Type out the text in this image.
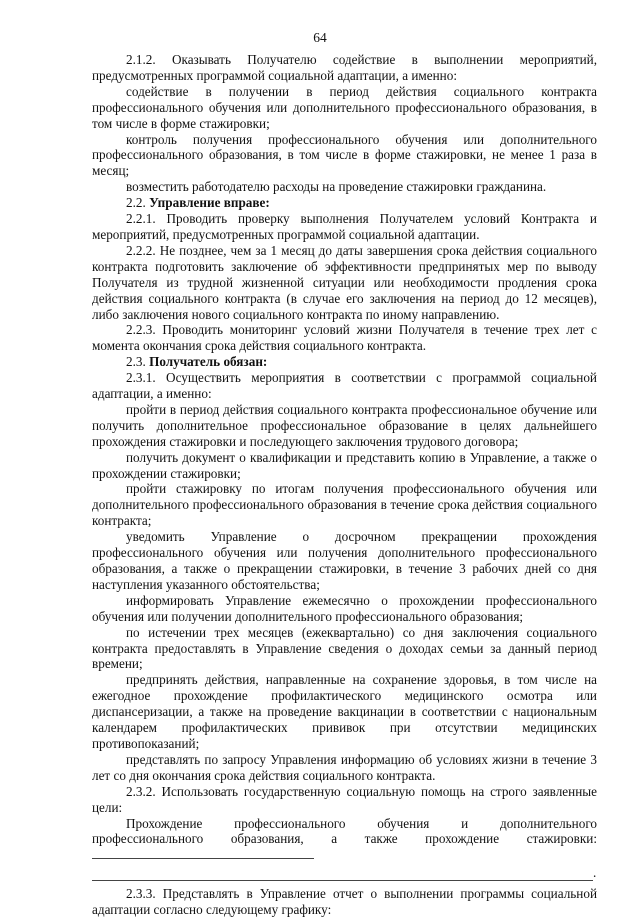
64

2.1.2. Оказывать Получателю содействие в выполнении мероприятий, предусмотренных программой социальной адаптации, а именно:

содействие в получении в период действия социального контракта профессионального обучения или дополнительного профессионального образования, в том числе в форме стажировки;

контроль получения профессионального обучения или дополнительного профессионального образования, в том числе в форме стажировки, не менее 1 раза в месяц;

возместить работодателю расходы на проведение стажировки гражданина.

2.2. Управление вправе:

2.2.1. Проводить проверку выполнения Получателем условий Контракта и мероприятий, предусмотренных программой социальной адаптации.

2.2.2. Не позднее, чем за 1 месяц до даты завершения срока действия социального контракта подготовить заключение об эффективности предпринятых мер по выводу Получателя из трудной жизненной ситуации или необходимости продления срока действия социального контракта (в случае его заключения на период до 12 месяцев), либо заключения нового социального контракта по иному направлению.

2.2.3. Проводить мониторинг условий жизни Получателя в течение трех лет с момента окончания срока действия социального контракта.

2.3. Получатель обязан:

2.3.1. Осуществить мероприятия в соответствии с программой социальной адаптации, а именно:

пройти в период действия социального контракта профессиональное обучение или получить дополнительное профессиональное образование в целях дальнейшего прохождения стажировки и последующего заключения трудового договора;

получить документ о квалификации и представить копию в Управление, а также о прохождении стажировки;

пройти стажировку по итогам получения профессионального обучения или дополнительного профессионального образования в течение срока действия социального контракта;

уведомить Управление о досрочном прекращении прохождения профессионального обучения или получения дополнительного профессионального образования, а также о прекращении стажировки, в течение 3 рабочих дней со дня наступления указанного обстоятельства;

информировать Управление ежемесячно о прохождении профессионального обучения или получении дополнительного профессионального образования;

по истечении трех месяцев (ежеквартально) со дня заключения социального контракта предоставлять в Управление сведения о доходах семьи за данный период времени;

предпринять действия, направленные на сохранение здоровья, в том числе на ежегодное прохождение профилактического медицинского осмотра или диспансеризации, а также на проведение вакцинации в соответствии с национальным календарем профилактических прививок при отсутствии медицинских противопоказаний;

представлять по запросу Управления информацию об условиях жизни в течение 3 лет со дня окончания срока действия социального контракта.

2.3.2. Использовать государственную социальную помощь на строго заявленные цели:

Прохождение профессионального обучения и дополнительного профессионального образования, а также прохождение стажировки:

.

2.3.3. Представлять в Управление отчет о выполнении программы социальной адаптации согласно следующему графику:
